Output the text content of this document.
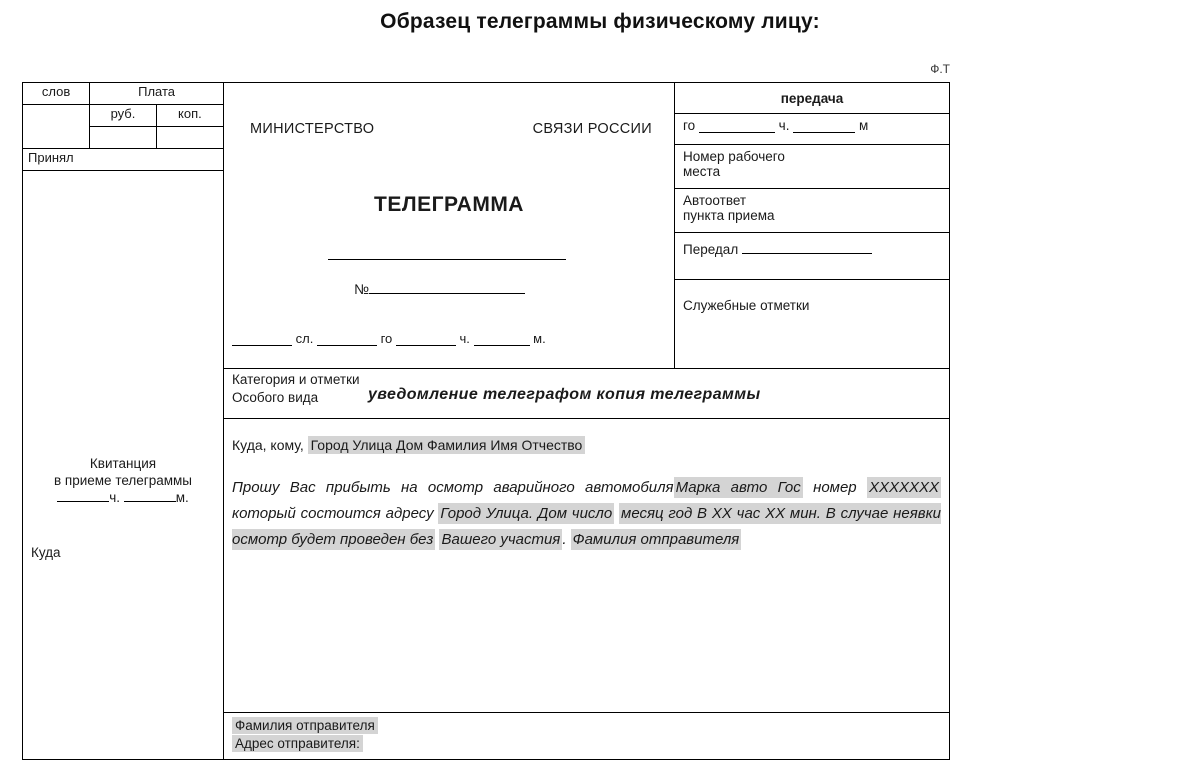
Образец телеграммы физическому лицу:
Ф.Т
слов	Плата
	руб.	коп.

Принял
Квитанция
в приеме телеграммы
ч.	м.
Куда

МИНИСТЕРСТВО	СВЯЗИ РОССИИ
ТЕЛЕГРАММА
№
сл.	го	ч.	м.

передача
го	ч.	м
Номер рабочего
места
Автоответ
пункта приема
Передал
Служебные отметки

Категория и отметки
Особого вида	уведомление телеграфом копия телеграммы

Куда, кому, Город Улица Дом Фамилия Имя Отчество
Прошу Вас прибыть на осмотр аварийного автомобиля Марка авто Гос номер XXXXXXX который состоится адресу Город Улица. Дом число месяц год В ХХ час ХХ мин. В случае неявки осмотр будет проведен без Вашего участия . Фамилия отправителя

Фамилия отправителя
Адрес отправителя:
